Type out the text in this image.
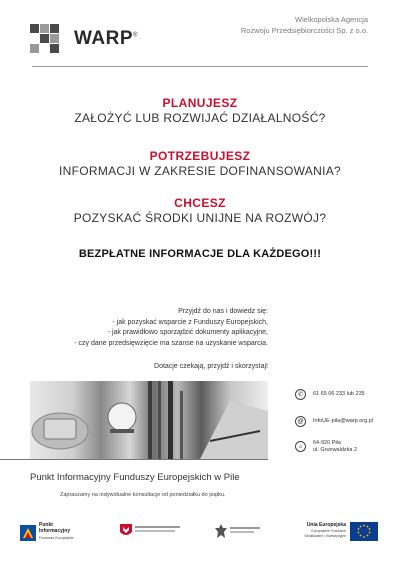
WARP®
Wielkopolska Agencja
Rozwoju Przedsiębiorczości Sp. z o.o.
PLANUJESZ
ZAŁOŻYĆ LUB ROZWIJAĆ DZIAŁALNOŚĆ?
POTRZEBUJESZ
INFORMACJI W ZAKRESIE DOFINANSOWANIA?
CHCESZ
POZYSKAĆ ŚRODKI UNIJNE NA ROZWÓJ?
BEZPŁATNE INFORMACJE DLA KAŻDEGO!!!
Przyjdź do nas i dowiedz się:
- jak pozyskać wsparcie z Funduszy Europejskich,
- jak prawidłowo sporządzić dokumenty aplikacyjne,
- czy dane przedsięwzięcie ma szanse na uzyskanie wsparcia.
Dotacje czekają, przyjdź i skorzystaj!
✆	61 65 06 233 lub 235
@	InfoUE-pila@warp.org.pl
⌂
64-920 Piła
ul. Grunwaldzka 2
Punkt Informacyjny Funduszy Europejskich w Pile
Zapraszamy na indywidualne konsultacje od poniedziałku do piątku.
Punkt
Informacyjny
Fundusze Europejskie
Unia Europejska
Europejskie Fundusze
Strukturalne i Inwestycyjne
